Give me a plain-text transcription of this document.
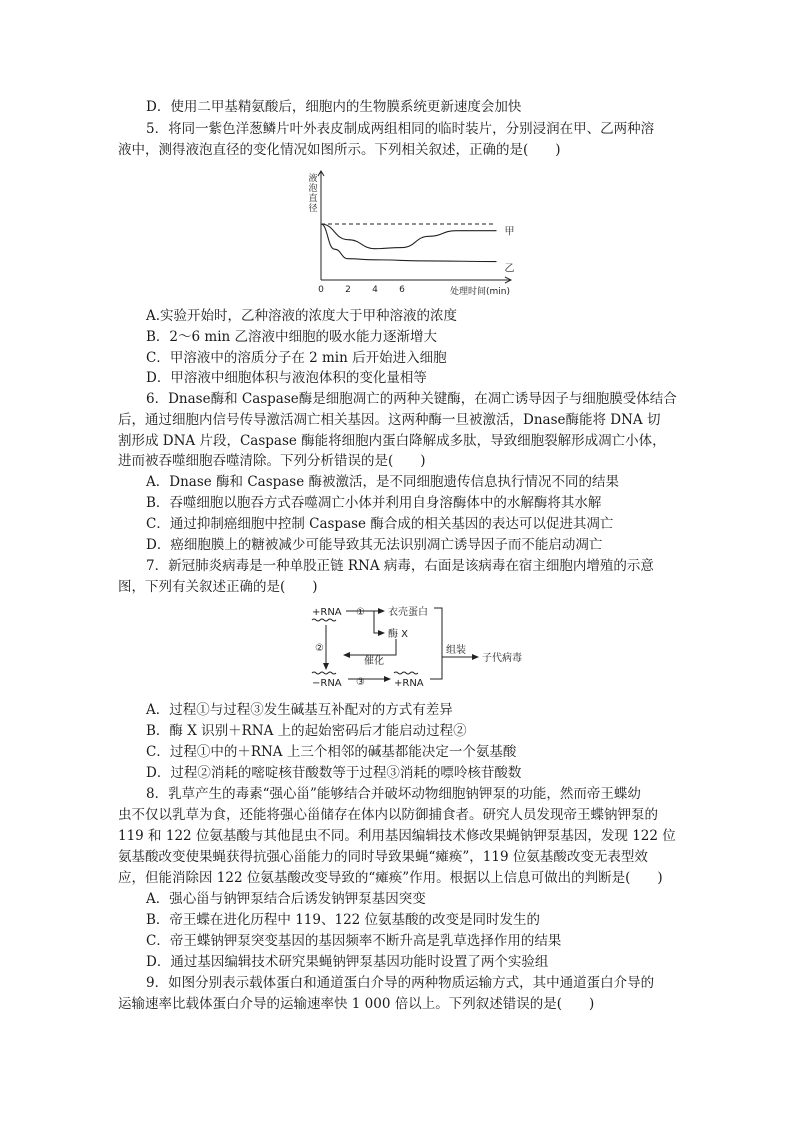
D．使用二甲基精氨酸后，细胞内的生物膜系统更新速度会加快
5．将同一紫色洋葱鳞片叶外表皮制成两组相同的临时装片，分别浸润在甲、乙两种溶
液中，测得液泡直径的变化情况如图所示。下列相关叙述，正确的是(　　)
液
泡
直
径
甲
乙
0 2 4 6	处理时间(min)
A.实验开始时，乙种溶液的浓度大于甲种溶液的浓度
B．2～6 min 乙溶液中细胞的吸水能力逐渐增大
C．甲溶液中的溶质分子在 2 min 后开始进入细胞
D．甲溶液中细胞体积与液泡体积的变化量相等
6．Dnase酶和 Caspase酶是细胞凋亡的两种关键酶，在凋亡诱导因子与细胞膜受体结合
后，通过细胞内信号传导激活凋亡相关基因。这两种酶一旦被激活，Dnase酶能将 DNA 切
割形成 DNA 片段，Caspase 酶能将细胞内蛋白降解成多肽，导致细胞裂解形成凋亡小体，
进而被吞噬细胞吞噬清除。下列分析错误的是(　　)
A．Dnase 酶和 Caspase 酶被激活，是不同细胞遗传信息执行情况不同的结果
B．吞噬细胞以胞吞方式吞噬凋亡小体并利用自身溶酶体中的水解酶将其水解
C．通过抑制癌细胞中控制 Caspase 酶合成的相关基因的表达可以促进其凋亡
D．癌细胞膜上的糖被减少可能导致其无法识别凋亡诱导因子而不能启动凋亡
7．新冠肺炎病毒是一种单股正链 RNA 病毒，右面是该病毒在宿主细胞内增殖的示意
图，下列有关叙述正确的是(　　)
+RNA ① 衣壳蛋白
酶 X
②
催化
组装
子代病毒
−RNA ③	+RNA
A．过程①与过程③发生碱基互补配对的方式有差异
B．酶 X 识别＋RNA 上的起始密码后才能启动过程②
C．过程①中的＋RNA 上三个相邻的碱基都能决定一个氨基酸
D．过程②消耗的嘧啶核苷酸数等于过程③消耗的嘌呤核苷酸数
8．乳草产生的毒素“强心甾”能够结合并破坏动物细胞钠钾泵的功能，然而帝王蝶幼
虫不仅以乳草为食，还能将强心甾储存在体内以防御捕食者。研究人员发现帝王蝶钠钾泵的
119 和 122 位氨基酸与其他昆虫不同。利用基因编辑技术修改果蝇钠钾泵基因，发现 122 位
氨基酸改变使果蝇获得抗强心甾能力的同时导致果蝇“瘫痪”，119 位氨基酸改变无表型效
应，但能消除因 122 位氨基酸改变导致的“瘫痪”作用。根据以上信息可做出的判断是(　　)
A．强心甾与钠钾泵结合后诱发钠钾泵基因突变
B．帝王蝶在进化历程中 119、122 位氨基酸的改变是同时发生的
C．帝王蝶钠钾泵突变基因的基因频率不断升高是乳草选择作用的结果
D．通过基因编辑技术研究果蝇钠钾泵基因功能时设置了两个实验组
9．如图分别表示载体蛋白和通道蛋白介导的两种物质运输方式，其中通道蛋白介导的
运输速率比载体蛋白介导的运输速率快 1 000 倍以上。下列叙述错误的是(　　)
